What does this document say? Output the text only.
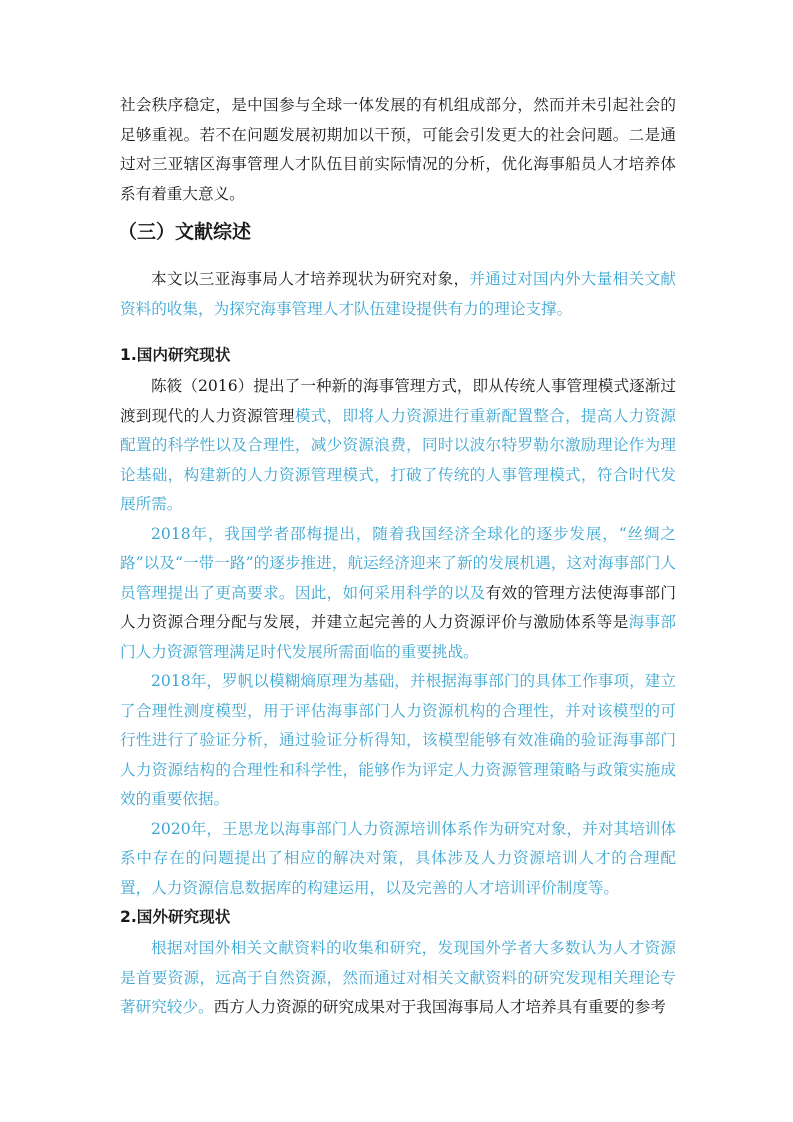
社会秩序稳定，是中国参与全球一体发展的有机组成部分，然而并未引起社会的足够重视。若不在问题发展初期加以干预，可能会引发更大的社会问题。二是通过对三亚辖区海事管理人才队伍目前实际情况的分析，优化海事船员人才培养体系有着重大意义。

（三）文献综述

本文以三亚海事局人才培养现状为研究对象，并通过对国内外大量相关文献资料的收集，为探究海事管理人才队伍建设提供有力的理论支撑。

1.国内研究现状

陈筱（2016）提出了一种新的海事管理方式，即从传统人事管理模式逐渐过渡到现代的人力资源管理模式，即将人力资源进行重新配置整合，提高人力资源配置的科学性以及合理性，减少资源浪费，同时以波尔特罗勒尔激励理论作为理论基础，构建新的人力资源管理模式，打破了传统的人事管理模式，符合时代发展所需。

2018年，我国学者邵梅提出，随着我国经济全球化的逐步发展，“丝绸之路”以及“一带一路”的逐步推进，航运经济迎来了新的发展机遇，这对海事部门人员管理提出了更高要求。因此，如何采用科学的以及有效的管理方法使海事部门人力资源合理分配与发展，并建立起完善的人力资源评价与激励体系等是海事部门人力资源管理满足时代发展所需面临的重要挑战。

2018年，罗帆以模糊熵原理为基础，并根据海事部门的具体工作事项，建立了合理性测度模型，用于评估海事部门人力资源机构的合理性，并对该模型的可行性进行了验证分析，通过验证分析得知，该模型能够有效准确的验证海事部门人力资源结构的合理性和科学性，能够作为评定人力资源管理策略与政策实施成效的重要依据。

2020年，王思龙以海事部门人力资源培训体系作为研究对象，并对其培训体系中存在的问题提出了相应的解决对策，具体涉及人力资源培训人才的合理配置，人力资源信息数据库的构建运用，以及完善的人才培训评价制度等。

2.国外研究现状

根据对国外相关文献资料的收集和研究，发现国外学者大多数认为人才资源是首要资源，远高于自然资源，然而通过对相关文献资料的研究发现相关理论专著研究较少。西方人力资源的研究成果对于我国海事局人才培养具有重要的参考
